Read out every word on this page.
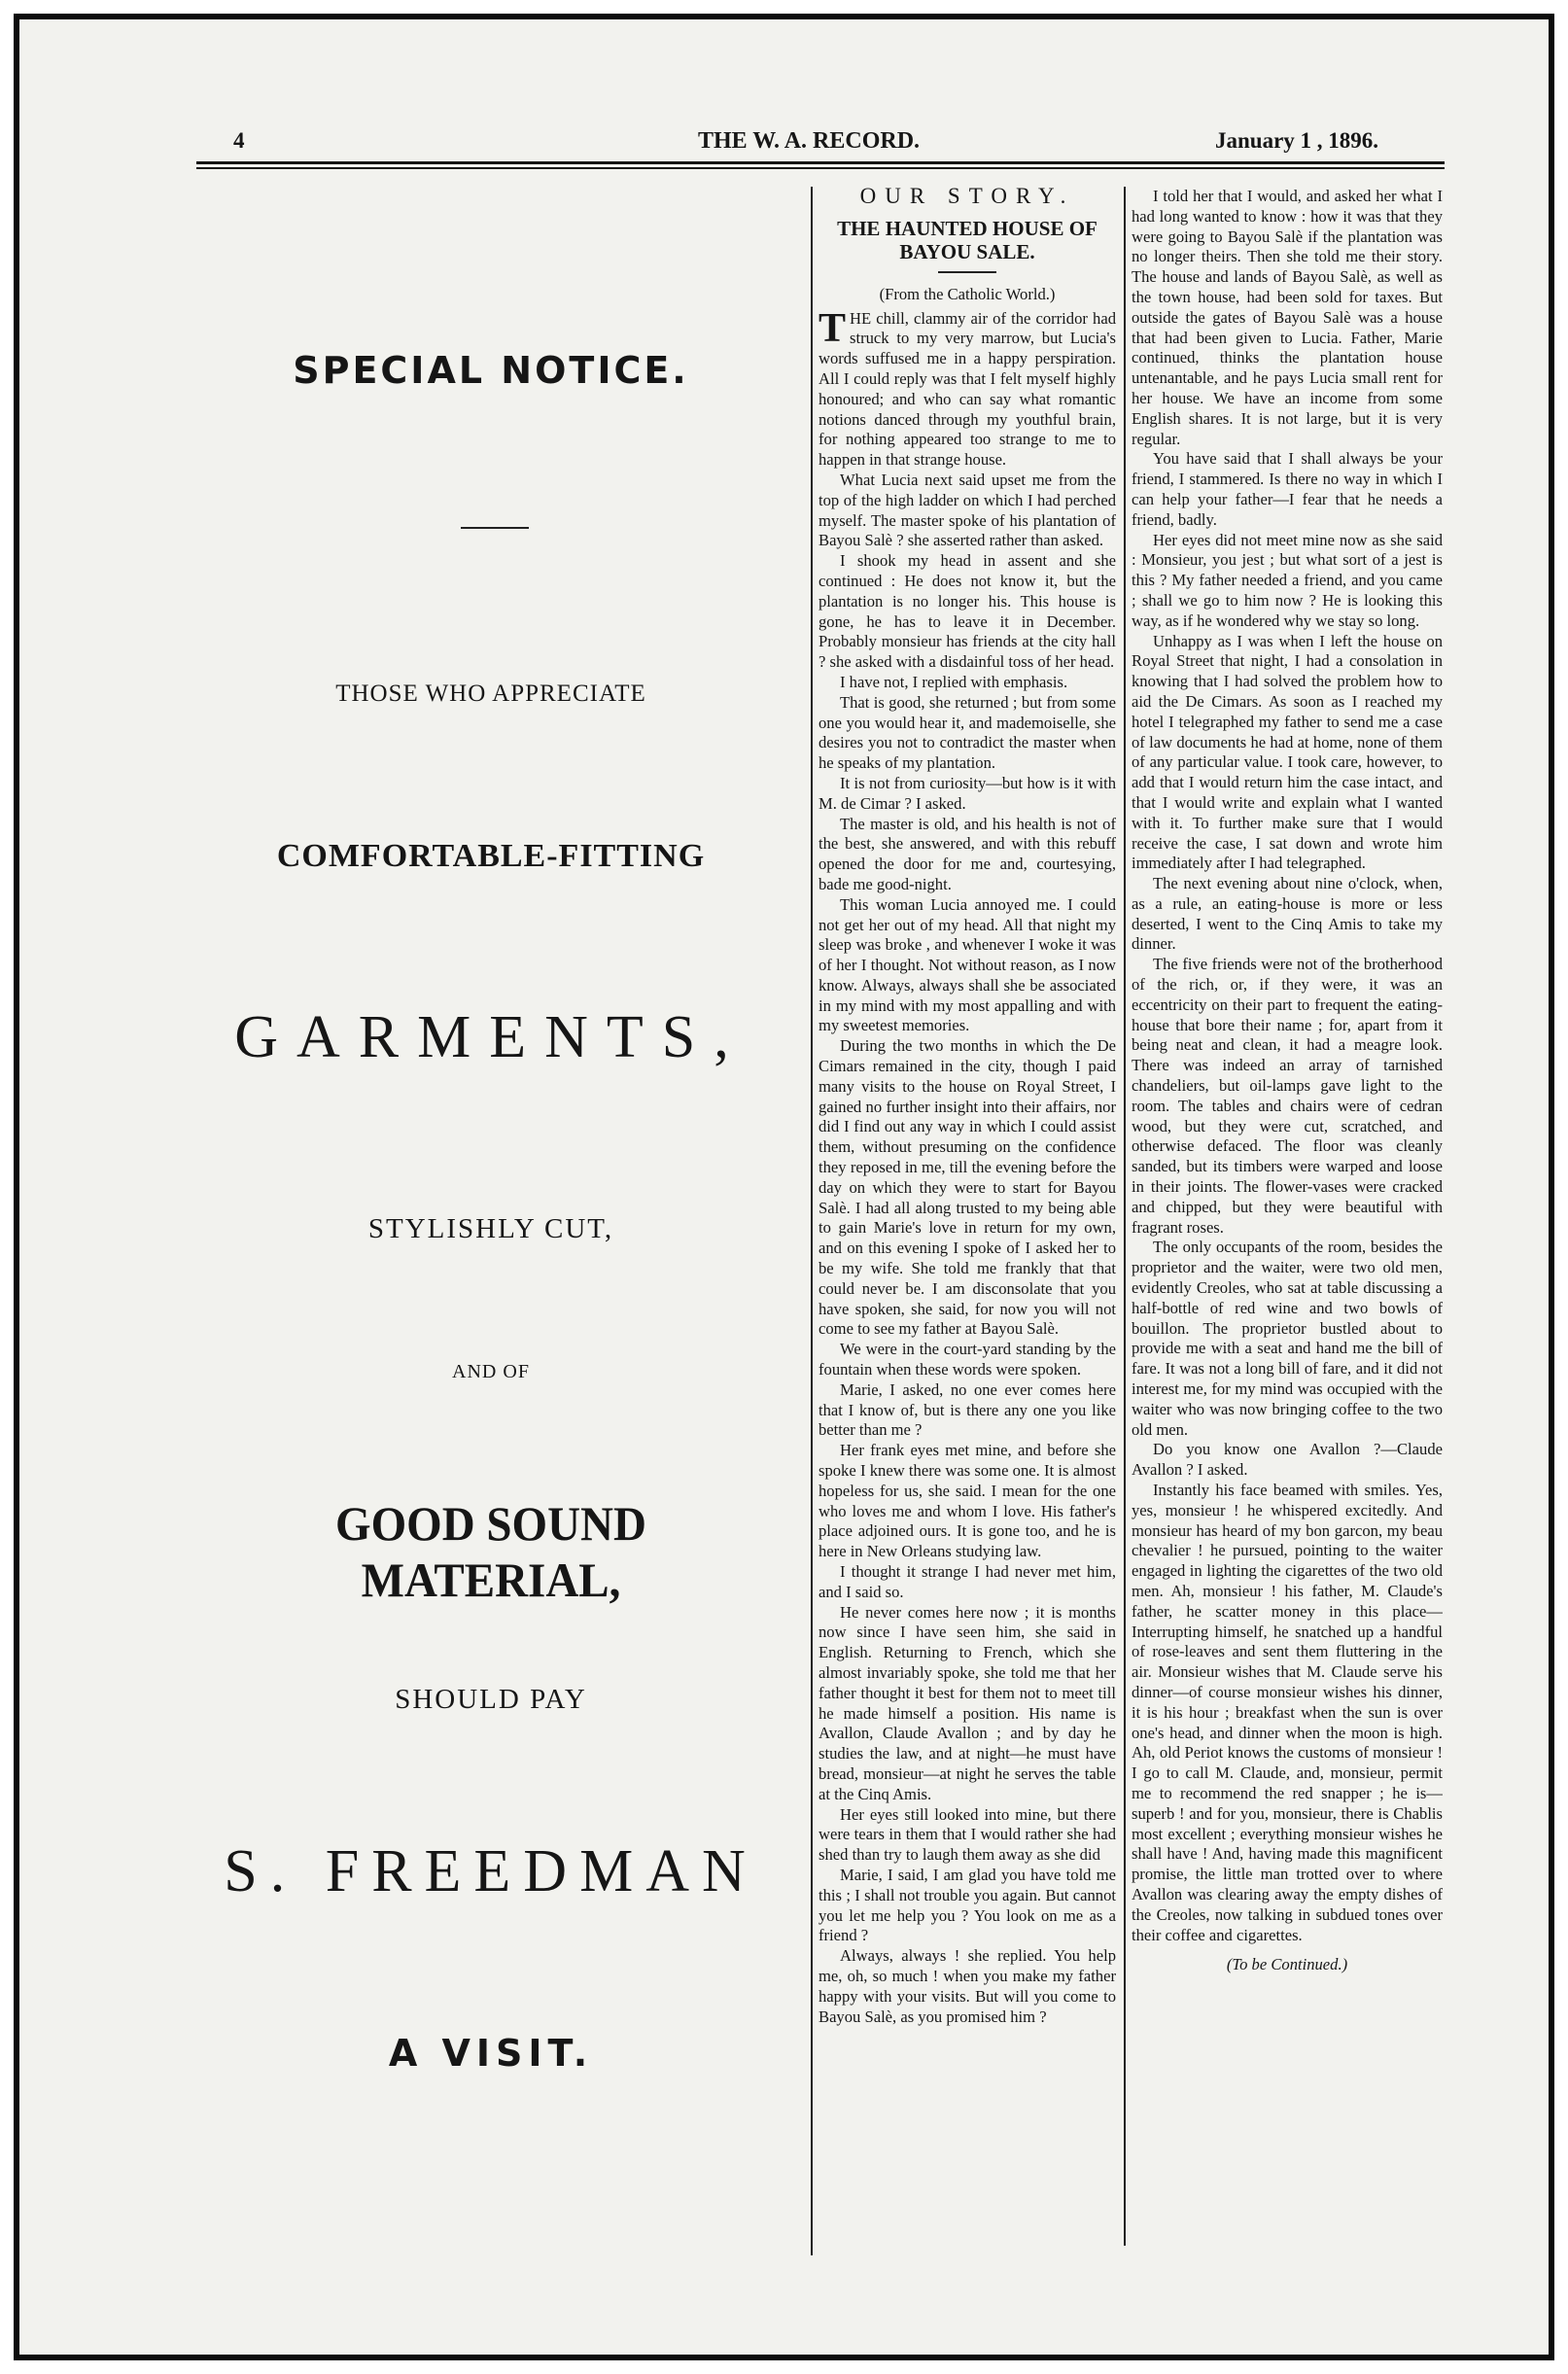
4	THE W. A. RECORD.	January 1 , 1896.
SPECIAL NOTICE.
THOSE WHO APPRECIATE
COMFORTABLE-FITTING
GARMENTS,
STYLISHLY CUT,
AND OF
GOOD SOUND MATERIAL,
SHOULD PAY
S. FREEDMAN
A VISIT.
OUR STORY.
THE HAUNTED HOUSE OF BAYOU SALE.
(From the Catholic World.)

THE chill, clammy air of the corridor had struck to my very marrow, but Lucia's words suffused me in a happy perspiration. All I could reply was that I felt myself highly honoured; and who can say what romantic notions danced through my youthful brain, for nothing appeared too strange to me to happen in that strange house.

What Lucia next said upset me from the top of the high ladder on which I had perched myself. The master spoke of his plantation of Bayou Salè ? she asserted rather than asked.

I shook my head in assent and she continued : He does not know it, but the plantation is no longer his. This house is gone, he has to leave it in December. Probably monsieur has friends at the city hall ? she asked with a disdainful toss of her head.

I have not, I replied with emphasis.

That is good, she returned ; but from some one you would hear it, and mademoiselle, she desires you not to contradict the master when he speaks of my plantation.

It is not from curiosity—but how is it with M. de Cimar ? I asked.

The master is old, and his health is not of the best, she answered, and with this rebuff opened the door for me and, courtesying, bade me good-night.

This woman Lucia annoyed me. I could not get her out of my head. All that night my sleep was broke , and whenever I woke it was of her I thought. Not without reason, as I now know. Always, always shall she be associated in my mind with my most appalling and with my sweetest memories.

During the two months in which the De Cimars remained in the city, though I paid many visits to the house on Royal Street, I gained no further insight into their affairs, nor did I find out any way in which I could assist them, without presuming on the confidence they reposed in me, till the evening before the day on which they were to start for Bayou Salè. I had all along trusted to my being able to gain Marie's love in return for my own, and on this evening I spoke of I asked her to be my wife. She told me frankly that that could never be. I am disconsolate that you have spoken, she said, for now you will not come to see my father at Bayou Salè.

We were in the court-yard standing by the fountain when these words were spoken.

Marie, I asked, no one ever comes here that I know of, but is there any one you like better than me ?

Her frank eyes met mine, and before she spoke I knew there was some one. It is almost hopeless for us, she said. I mean for the one who loves me and whom I love. His father's place adjoined ours. It is gone too, and he is here in New Orleans studying law.

I thought it strange I had never met him, and I said so.

He never comes here now ; it is months now since I have seen him, she said in English. Returning to French, which she almost invariably spoke, she told me that her father thought it best for them not to meet till he made himself a position. His name is Avallon, Claude Avallon ; and by day he studies the law, and at night—he must have bread, monsieur—at night he serves the table at the Cinq Amis.

Her eyes still looked into mine, but there were tears in them that I would rather she had shed than try to laugh them away as she did

Marie, I said, I am glad you have told me this ; I shall not trouble you again. But cannot you let me help you ? You look on me as a friend ?

Always, always ! she replied. You help me, oh, so much ! when you make my father happy with your visits. But will you come to Bayou Salè, as you promised him ?

I told her that I would, and asked her what I had long wanted to know : how it was that they were going to Bayou Salè if the plantation was no longer theirs. Then she told me their story. The house and lands of Bayou Salè, as well as the town house, had been sold for taxes. But outside the gates of Bayou Salè was a house that had been given to Lucia. Father, Marie continued, thinks the plantation house untenantable, and he pays Lucia small rent for her house. We have an income from some English shares. It is not large, but it is very regular.

You have said that I shall always be your friend, I stammered. Is there no way in which I can help your father—I fear that he needs a friend, badly.

Her eyes did not meet mine now as she said : Monsieur, you jest ; but what sort of a jest is this ? My father needed a friend, and you came ; shall we go to him now ? He is looking this way, as if he wondered why we stay so long.

Unhappy as I was when I left the house on Royal Street that night, I had a consolation in knowing that I had solved the problem how to aid the De Cimars. As soon as I reached my hotel I telegraphed my father to send me a case of law documents he had at home, none of them of any particular value. I took care, however, to add that I would return him the case intact, and that I would write and explain what I wanted with it. To further make sure that I would receive the case, I sat down and wrote him immediately after I had telegraphed.

The next evening about nine o'clock, when, as a rule, an eating-house is more or less deserted, I went to the Cinq Amis to take my dinner.

The five friends were not of the brotherhood of the rich, or, if they were, it was an eccentricity on their part to frequent the eating-house that bore their name ; for, apart from it being neat and clean, it had a meagre look. There was indeed an array of tarnished chandeliers, but oil-lamps gave light to the room. The tables and chairs were of cedran wood, but they were cut, scratched, and otherwise defaced. The floor was cleanly sanded, but its timbers were warped and loose in their joints. The flower-vases were cracked and chipped, but they were beautiful with fragrant roses.

The only occupants of the room, besides the proprietor and the waiter, were two old men, evidently Creoles, who sat at table discussing a half-bottle of red wine and two bowls of bouillon. The proprietor bustled about to provide me with a seat and hand me the bill of fare. It was not a long bill of fare, and it did not interest me, for my mind was occupied with the waiter who was now bringing coffee to the two old men.

Do you know one Avallon ?—Claude Avallon ? I asked.

Instantly his face beamed with smiles. Yes, yes, monsieur ! he whispered excitedly. And monsieur has heard of my bon garcon, my beau chevalier ! he pursued, pointing to the waiter engaged in lighting the cigarettes of the two old men. Ah, monsieur ! his father, M. Claude's father, he scatter money in this place— Interrupting himself, he snatched up a handful of rose-leaves and sent them fluttering in the air. Monsieur wishes that M. Claude serve his dinner—of course monsieur wishes his dinner, it is his hour ; breakfast when the sun is over one's head, and dinner when the moon is high. Ah, old Periot knows the customs of monsieur ! I go to call M. Claude, and, monsieur, permit me to recommend the red snapper ; he is—superb ! and for you, monsieur, there is Chablis most excellent ; everything monsieur wishes he shall have ! And, having made this magnificent promise, the little man trotted over to where Avallon was clearing away the empty dishes of the Creoles, now talking in subdued tones over their coffee and cigarettes.

(To be Continued.)
